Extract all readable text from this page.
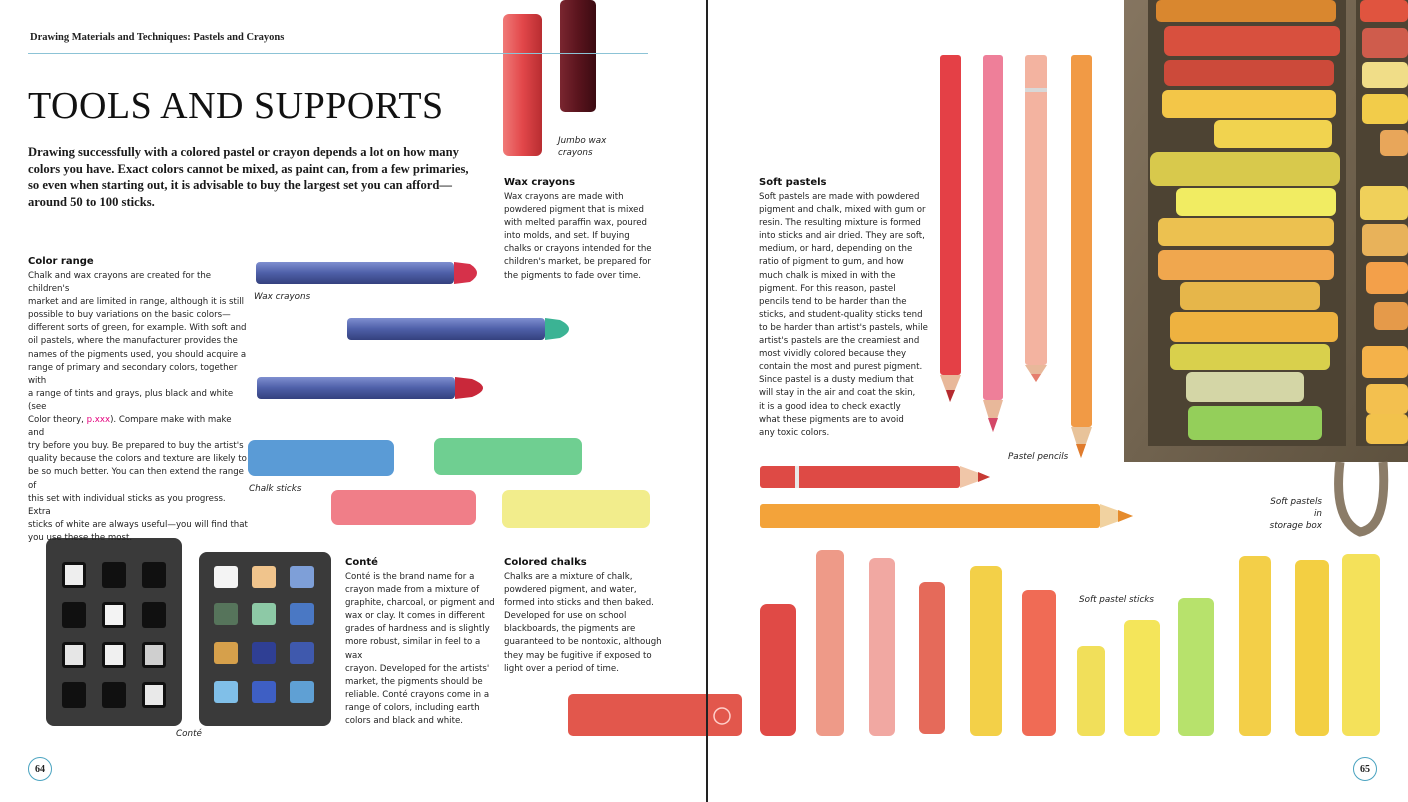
Drawing Materials and Techniques: Pastels and Crayons
TOOLS AND SUPPORTS

Drawing successfully with a colored pastel or crayon depends a lot on how many
colors you have. Exact colors cannot be mixed, as paint can, from a few primaries,
so even when starting out, it is advisable to buy the largest set you can afford—
around 50 to 100 sticks.

Color range

Chalk and wax crayons are created for the children's
market and are limited in range, although it is still
possible to buy variations on the basic colors—
different sorts of green, for example. With soft and
oil pastels, where the manufacturer provides the
names of the pigments used, you should acquire a
range of primary and secondary colors, together with
a range of tints and grays, plus black and white (see
Color theory, p.xxx). Compare make with make and
try before you buy. Be prepared to buy the artist's
quality because the colors and texture are likely to
be so much better. You can then extend the range of
this set with individual sticks as you progress. Extra
sticks of white are always useful—you will find that
you use these the most.

Wax crayons

Wax crayons are made with
powdered pigment that is mixed
with melted paraffin wax, poured
into molds, and set. If buying
chalks or crayons intended for the
children's market, be prepared for
the pigments to fade over time.

Conté

Conté is the brand name for a
crayon made from a mixture of
graphite, charcoal, or pigment and
wax or clay. It comes in different
grades of hardness and is slightly
more robust, similar in feel to a wax
crayon. Developed for the artists'
market, the pigments should be
reliable. Conté crayons come in a
range of colors, including earth
colors and black and white.

Colored chalks

Chalks are a mixture of chalk,
powdered pigment, and water,
formed into sticks and then baked.
Developed for use on school
blackboards, the pigments are
guaranteed to be nontoxic, although
they may be fugitive if exposed to
light over a period of time.

Jumbo wax
crayons
Wax crayons
Chalk sticks
Conté
64
Soft pastels

Soft pastels are made with powdered
pigment and chalk, mixed with gum or
resin. The resulting mixture is formed
into sticks and air dried. They are soft,
medium, or hard, depending on the
ratio of pigment to gum, and how
much chalk is mixed in with the
pigment. For this reason, pastel
pencils tend to be harder than the
sticks, and student-quality sticks tend
to be harder than artist's pastels, while
artist's pastels are the creamiest and
most vividly colored because they
contain the most and purest pigment.
Since pastel is a dusty medium that
will stay in the air and coat the skin,
it is a good idea to check exactly
what these pigments are to avoid
any toxic colors.

Pastel pencils
Soft pastels in
storage box
Soft pastel sticks
65
